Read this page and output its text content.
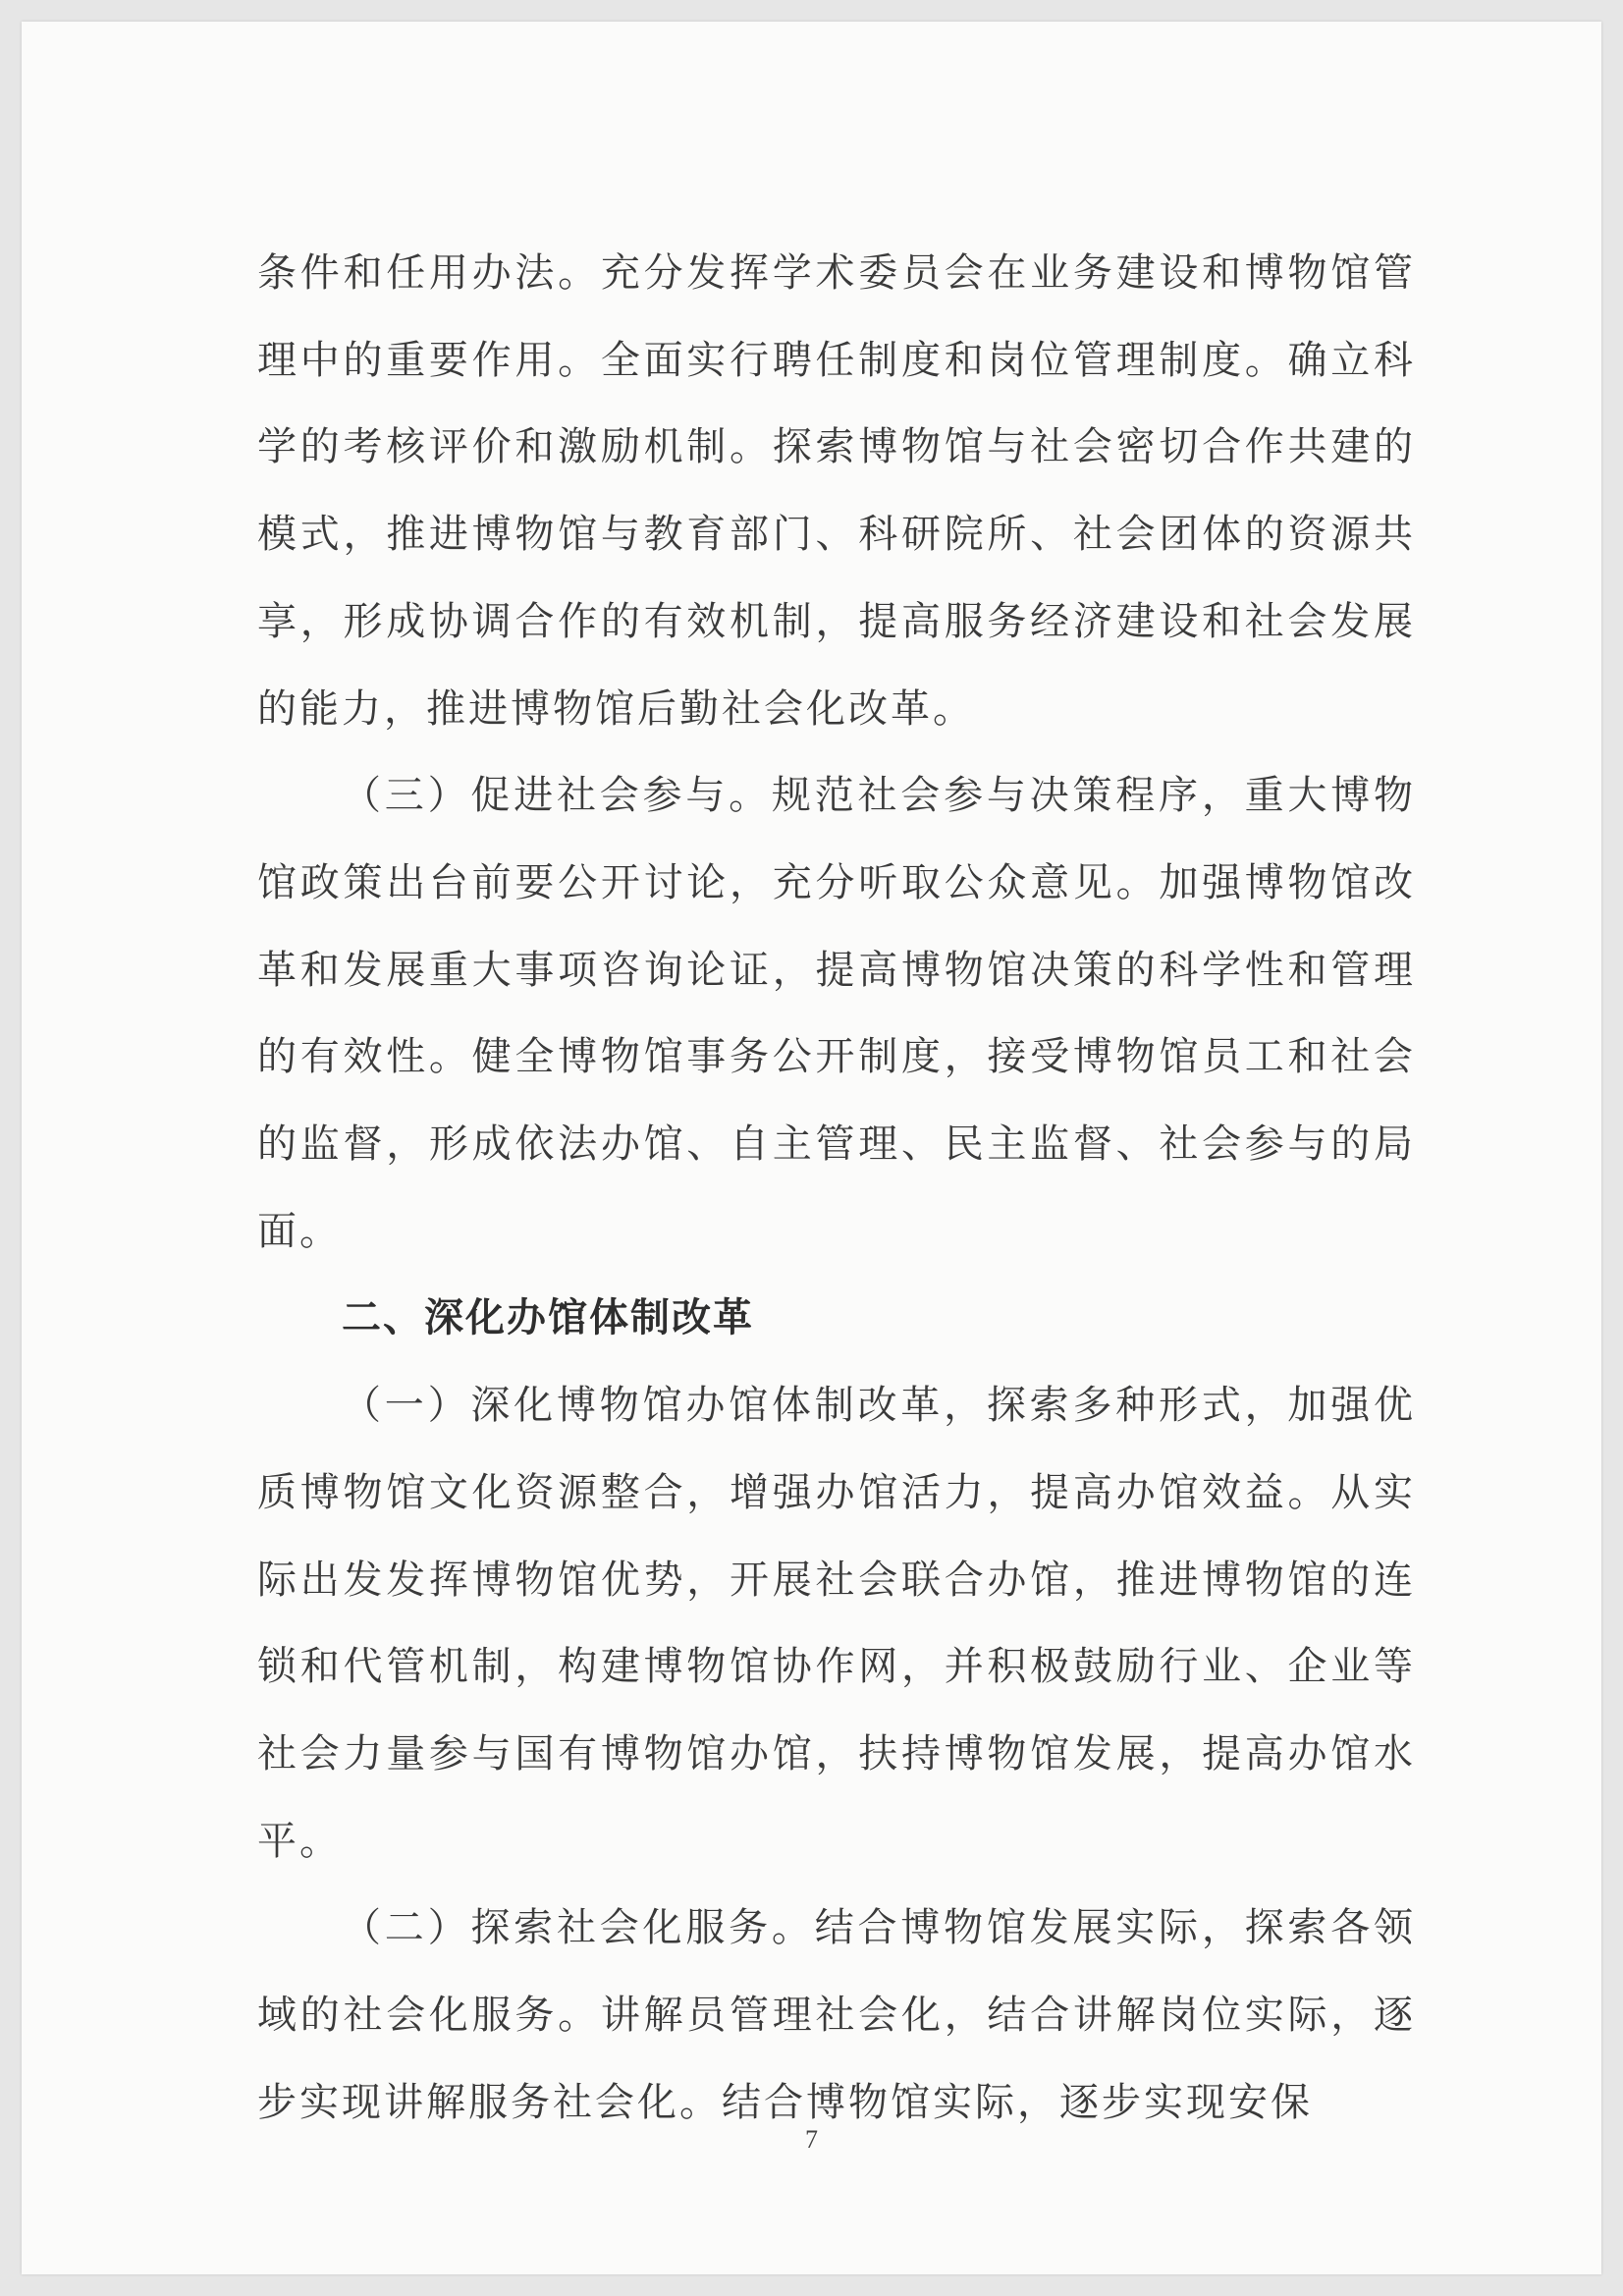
条件和任用办法。充分发挥学术委员会在业务建设和博物馆管理中的重要作用。全面实行聘任制度和岗位管理制度。确立科学的考核评价和激励机制。探索博物馆与社会密切合作共建的模式，推进博物馆与教育部门、科研院所、社会团体的资源共享，形成协调合作的有效机制，提高服务经济建设和社会发展的能力，推进博物馆后勤社会化改革。

（三）促进社会参与。规范社会参与决策程序，重大博物馆政策出台前要公开讨论，充分听取公众意见。加强博物馆改革和发展重大事项咨询论证，提高博物馆决策的科学性和管理的有效性。健全博物馆事务公开制度，接受博物馆员工和社会的监督，形成依法办馆、自主管理、民主监督、社会参与的局面。

二、深化办馆体制改革

（一）深化博物馆办馆体制改革，探索多种形式，加强优质博物馆文化资源整合，增强办馆活力，提高办馆效益。从实际出发发挥博物馆优势，开展社会联合办馆，推进博物馆的连锁和代管机制，构建博物馆协作网，并积极鼓励行业、企业等社会力量参与国有博物馆办馆，扶持博物馆发展，提高办馆水平。

（二）探索社会化服务。结合博物馆发展实际，探索各领域的社会化服务。讲解员管理社会化，结合讲解岗位实际，逐步实现讲解服务社会化。结合博物馆实际，逐步实现安保

7
